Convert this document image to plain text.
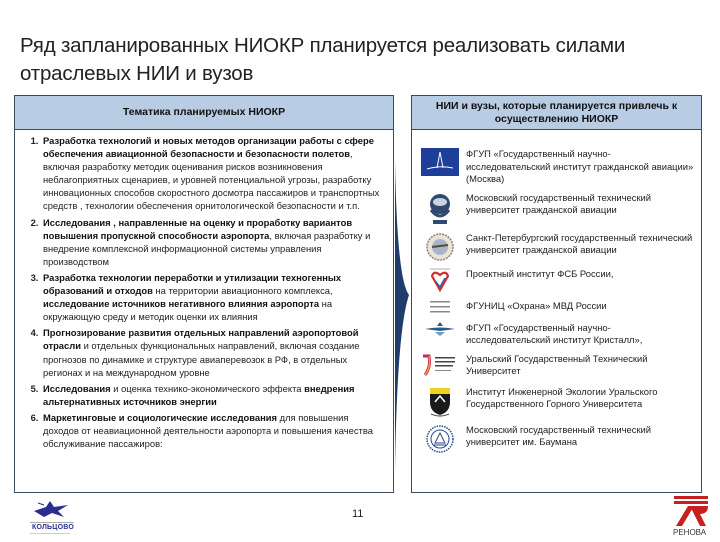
Ряд запланированных НИОКР планируется реализовать силами отраслевых НИИ и вузов
Тематика планируемых НИОКР
1. Разработка технологий и новых методов организации работы с сфере обеспечения авиационной безопасности и безопасности полетов, включая разработку методик оценивания рисков возникновения неблагоприятных сценариев, и уровней потенциальной угрозы, разработку инновационных способов скоростного досмотра пассажиров и транспортных средств , технологии обеспечения орнитологической безопасности и т.п.
2. Исследования , направленные на оценку и проработку вариантов повышения пропускной способности аэропорта, включая разработку и внедрение комплексной информационной системы управления производством
3. Разработка технологии переработки и утилизации техногенных образований и отходов на территории авиационного комплекса, исследование источников негативного влияния аэропорта на окружающую среду и методик оценки их влияния
4. Прогнозирование развития отдельных направлений аэропортовой отрасли и отдельных функциональных направлений, включая создание прогнозов по динамике и структуре авиаперевозок в РФ, в отдельных регионах и на международном уровне
5. Исследования и оценка технико-экономического эффекта внедрения альтернативных источников энергии
6. Маркетинговые и социологические исследования для повышения доходов от неавиационной деятельности аэропорта и повышения качества обслуживание пассажиров:
НИИ и вузы, которые планируется привлечь к осуществлению НИОКР
ФГУП «Государственный научно-исследовательский институт гражданской авиации» (Москва)
Московский государственный технический университет гражданской авиации
Санкт-Петербургский государственный технический университет гражданской авиации
Проектный институт ФСБ России,
ФГУНИЦ «Охрана» МВД России
ФГУП «Государственный научно-исследовательский институт Кристалл»,
Уральский Государственный Технический Университет
Институт Инженерной Экологии Уральского Государственного Горного Университета
Московский государственный технический университет им. Баумана
КОЛЬЦОВО
11
РЕНОВА
